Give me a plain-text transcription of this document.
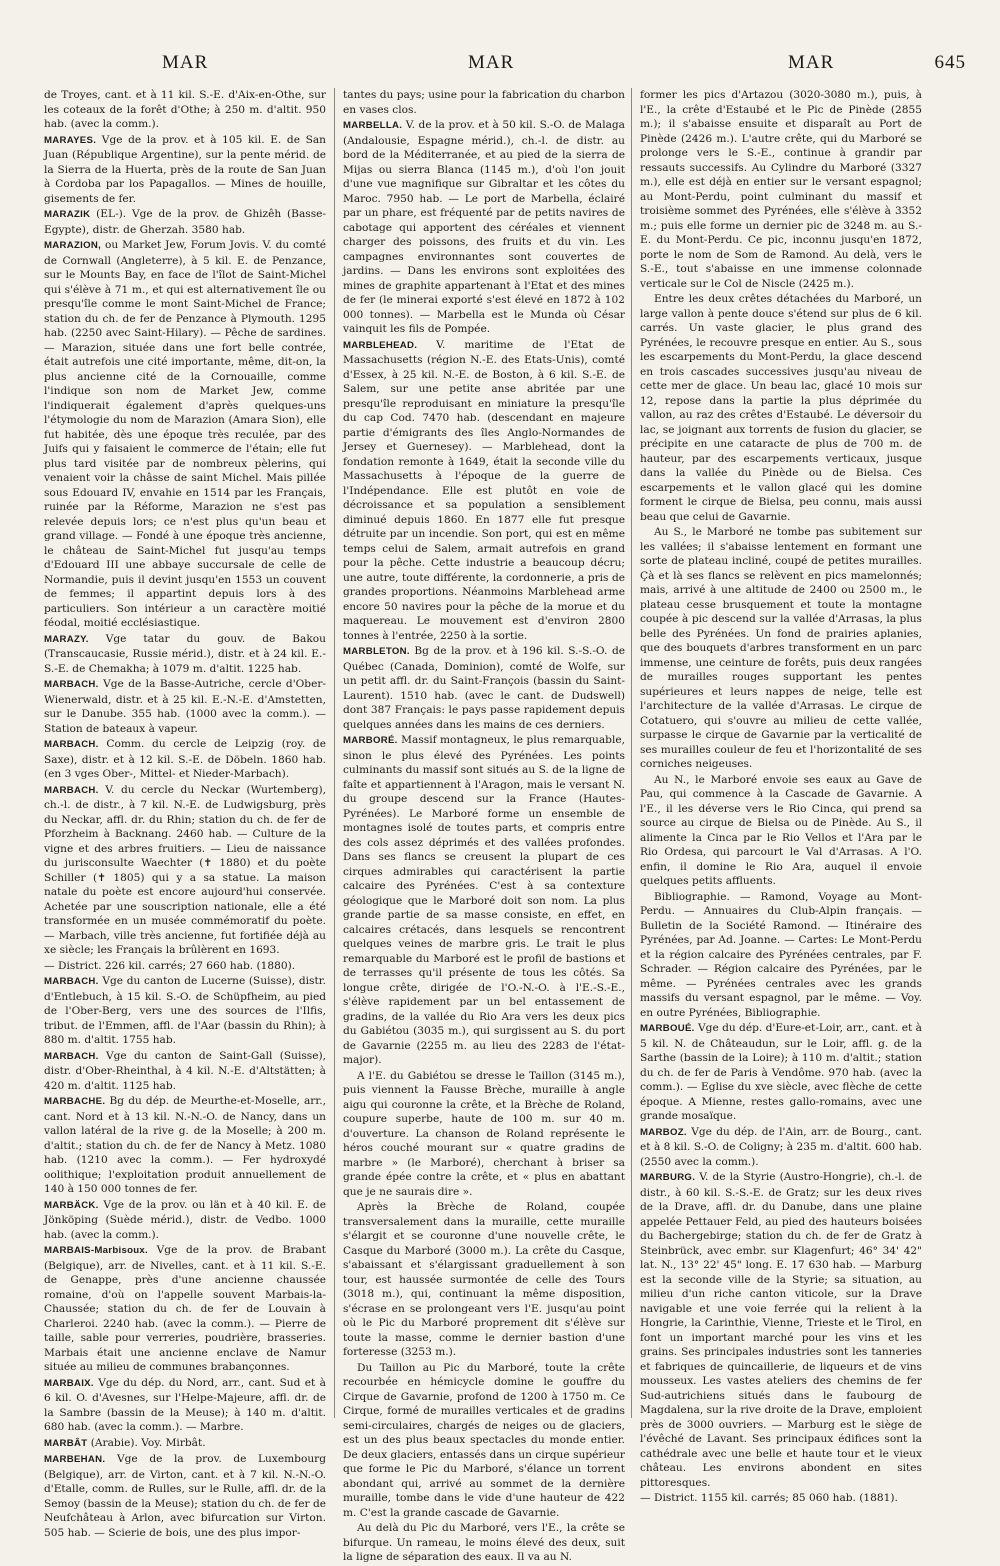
MAR	MAR	MAR	645

de Troyes, cant. et à 11 kil. S.-E. d'Aix-en-Othe, sur les coteaux de la forêt d'Othe; à 250 m. d'altit. 950 hab. (avec la comm.).

MARAYES. Vge de la prov. et à 105 kil. E. de San Juan (République Argentine), sur la pente mérid. de la Sierra de la Huerta, près de la route de San Juan à Cordoba par los Papagallos. — Mines de houille, gisements de fer.

MARAZIK (EL-). Vge de la prov. de Ghizêh (Basse-Egypte), distr. de Gherzah. 3580 hab.

MARAZION, ou Market Jew, Forum Jovis. V. du comté de Cornwall (Angleterre), à 5 kil. E. de Penzance, sur le Mounts Bay, en face de l'îlot de Saint-Michel qui s'élève à 71 m., et qui est alternativement île ou presqu'île comme le mont Saint-Michel de France; station du ch. de fer de Penzance à Plymouth. 1295 hab. (2250 avec Saint-Hilary). — Pêche de sardines. — Marazion, située dans une fort belle contrée, était autrefois une cité importante, même, dit-on, la plus ancienne cité de la Cornouaille, comme l'indique son nom de Market Jew, comme l'indiquerait également d'après quelques-uns l'étymologie du nom de Marazion (Amara Sion), elle fut habitée, dès une époque très reculée, par des Juifs qui y faisaient le commerce de l'étain; elle fut plus tard visitée par de nombreux pèlerins, qui venaient voir la châsse de saint Michel. Mais pillée sous Edouard IV, envahie en 1514 par les Français, ruinée par la Réforme, Marazion ne s'est pas relevée depuis lors; ce n'est plus qu'un beau et grand village. — Fondé à une époque très ancienne, le château de Saint-Michel fut jusqu'au temps d'Edouard III une abbaye succursale de celle de Normandie, puis il devint jusqu'en 1553 un couvent de femmes; il appartint depuis lors à des particuliers. Son intérieur a un caractère moitié féodal, moitié ecclésiastique.

MARAZY. Vge tatar du gouv. de Bakou (Transcaucasie, Russie mérid.), distr. et à 24 kil. E.-S.-E. de Chemakha; à 1079 m. d'altit. 1225 hab.

MARBACH. Vge de la Basse-Autriche, cercle d'Ober-Wienerwald, distr. et à 25 kil. E.-N.-E. d'Amstetten, sur le Danube. 355 hab. (1000 avec la comm.). — Station de bateaux à vapeur.

MARBACH. Comm. du cercle de Leipzig (roy. de Saxe), distr. et à 12 kil. S.-E. de Döbeln. 1860 hab. (en 3 vges Ober-, Mittel- et Nieder-Marbach).

MARBACH. V. du cercle du Neckar (Wurtemberg), ch.-l. de distr., à 7 kil. N.-E. de Ludwigsburg, près du Neckar, affl. dr. du Rhin; station du ch. de fer de Pforzheim à Backnang. 2460 hab. — Culture de la vigne et des arbres fruitiers. — Lieu de naissance du jurisconsulte Waechter (✝ 1880) et du poète Schiller (✝ 1805) qui y a sa statue. La maison natale du poète est encore aujourd'hui conservée. Achetée par une souscription nationale, elle a été transformée en un musée commémoratif du poète. — Marbach, ville très ancienne, fut fortifiée déjà au xe siècle; les Français la brûlèrent en 1693.

— District. 226 kil. carrés; 27 660 hab. (1880).

MARBACH. Vge du canton de Lucerne (Suisse), distr. d'Entlebuch, à 15 kil. S.-O. de Schüpfheim, au pied de l'Ober-Berg, vers une des sources de l'Ilfis, tribut. de l'Emmen, affl. de l'Aar (bassin du Rhin); à 880 m. d'altit. 1755 hab.

MARBACH. Vge du canton de Saint-Gall (Suisse), distr. d'Ober-Rheinthal, à 4 kil. N.-E. d'Altstätten; à 420 m. d'altit. 1125 hab.

MARBACHE. Bg du dép. de Meurthe-et-Moselle, arr., cant. Nord et à 13 kil. N.-N.-O. de Nancy, dans un vallon latéral de la rive g. de la Moselle; à 200 m. d'altit.; station du ch. de fer de Nancy à Metz. 1080 hab. (1210 avec la comm.). — Fer hydroxydé oolithique; l'exploitation produit annuellement de 140 à 150 000 tonnes de fer.

MARBÄCK. Vge de la prov. ou län et à 40 kil. E. de Jönköping (Suède mérid.), distr. de Vedbo. 1000 hab. (avec la comm.).

MARBAIS-Marbisoux. Vge de la prov. de Brabant (Belgique), arr. de Nivelles, cant. et à 11 kil. S.-E. de Genappe, près d'une ancienne chaussée romaine, d'où on l'appelle souvent Marbais-la-Chaussée; station du ch. de fer de Louvain à Charleroi. 2240 hab. (avec la comm.). — Pierre de taille, sable pour verreries, poudrière, brasseries. Marbais était une ancienne enclave de Namur située au milieu de communes brabançonnes.

MARBAIX. Vge du dép. du Nord, arr., cant. Sud et à 6 kil. O. d'Avesnes, sur l'Helpe-Majeure, affl. dr. de la Sambre (bassin de la Meuse); à 140 m. d'altit. 680 hab. (avec la comm.). — Marbre.

MARBÂT (Arabie). Voy. Mirbât.

MARBEHAN. Vge de la prov. de Luxembourg (Belgique), arr. de Virton, cant. et à 7 kil. N.-N.-O. d'Etalle, comm. de Rulles, sur le Rulle, affl. dr. de la Semoy (bassin de la Meuse); station du ch. de fer de Neufchâteau à Arlon, avec bifurcation sur Virton. 505 hab. — Scierie de bois, une des plus impor-

tantes du pays; usine pour la fabrication du charbon en vases clos.

MARBELLA. V. de la prov. et à 50 kil. S.-O. de Malaga (Andalousie, Espagne mérid.), ch.-l. de distr. au bord de la Méditerranée, et au pied de la sierra de Mijas ou sierra Blanca (1145 m.), d'où l'on jouit d'une vue magnifique sur Gibraltar et les côtes du Maroc. 7950 hab. — Le port de Marbella, éclairé par un phare, est fréquenté par de petits navires de cabotage qui apportent des céréales et viennent charger des poissons, des fruits et du vin. Les campagnes environnantes sont couvertes de jardins. — Dans les environs sont exploitées des mines de graphite appartenant à l'Etat et des mines de fer (le minerai exporté s'est élevé en 1872 à 102 000 tonnes). — Marbella est le Munda où César vainquit les fils de Pompée.

MARBLEHEAD. V. maritime de l'Etat de Massachusetts (région N.-E. des Etats-Unis), comté d'Essex, à 25 kil. N.-E. de Boston, à 6 kil. S.-E. de Salem, sur une petite anse abritée par une presqu'île reproduisant en miniature la presqu'île du cap Cod. 7470 hab. (descendant en majeure partie d'émigrants des îles Anglo-Normandes de Jersey et Guernesey). — Marblehead, dont la fondation remonte à 1649, était la seconde ville du Massachusetts à l'époque de la guerre de l'Indépendance. Elle est plutôt en voie de décroissance et sa population a sensiblement diminué depuis 1860. En 1877 elle fut presque détruite par un incendie. Son port, qui est en même temps celui de Salem, armait autrefois en grand pour la pêche. Cette industrie a beaucoup décru; une autre, toute différente, la cordonnerie, a pris de grandes proportions. Néanmoins Marblehead arme encore 50 navires pour la pêche de la morue et du maquereau. Le mouvement est d'environ 2800 tonnes à l'entrée, 2250 à la sortie.

MARBLETON. Bg de la prov. et à 196 kil. S.-S.-O. de Québec (Canada, Dominion), comté de Wolfe, sur un petit affl. dr. du Saint-François (bassin du Saint-Laurent). 1510 hab. (avec le cant. de Dudswell) dont 387 Français: le pays passe rapidement depuis quelques années dans les mains de ces derniers.

MARBORÉ. Massif montagneux, le plus remarquable, sinon le plus élevé des Pyrénées. Les points culminants du massif sont situés au S. de la ligne de faîte et appartiennent à l'Aragon, mais le versant N. du groupe descend sur la France (Hautes-Pyrénées). Le Marboré forme un ensemble de montagnes isolé de toutes parts, et compris entre des cols assez déprimés et des vallées profondes. Dans ses flancs se creusent la plupart de ces cirques admirables qui caractérisent la partie calcaire des Pyrénées. C'est à sa contexture géologique que le Marboré doit son nom. La plus grande partie de sa masse consiste, en effet, en calcaires crétacés, dans lesquels se rencontrent quelques veines de marbre gris. Le trait le plus remarquable du Marboré est le profil de bastions et de terrasses qu'il présente de tous les côtés. Sa longue crête, dirigée de l'O.-N.-O. à l'E.-S.-E., s'élève rapidement par un bel entassement de gradins, de la vallée du Rio Ara vers les deux pics du Gabiétou (3035 m.), qui surgissent au S. du port de Gavarnie (2255 m. au lieu des 2283 de l'état-major).

A l'E. du Gabiétou se dresse le Taillon (3145 m.), puis viennent la Fausse Brèche, muraille à angle aigu qui couronne la crête, et la Brèche de Roland, coupure superbe, haute de 100 m. sur 40 m. d'ouverture. La chanson de Roland représente le héros couché mourant sur « quatre gradins de marbre » (le Marboré), cherchant à briser sa grande épée contre la crête, et « plus en abattant que je ne saurais dire ».

Après la Brèche de Roland, coupée transversalement dans la muraille, cette muraille s'élargit et se couronne d'une nouvelle crête, le Casque du Marboré (3000 m.). La crête du Casque, s'abaissant et s'élargissant graduellement à son tour, est haussée surmontée de celle des Tours (3018 m.), qui, continuant la même disposition, s'écrase en se prolongeant vers l'E. jusqu'au point où le Pic du Marboré proprement dit s'élève sur toute la masse, comme le dernier bastion d'une forteresse (3253 m.).

Du Taillon au Pic du Marboré, toute la crête recourbée en hémicycle domine le gouffre du Cirque de Gavarnie, profond de 1200 à 1750 m. Ce Cirque, formé de murailles verticales et de gradins semi-circulaires, chargés de neiges ou de glaciers, est un des plus beaux spectacles du monde entier. De deux glaciers, entassés dans un cirque supérieur que forme le Pic du Marboré, s'élance un torrent abondant qui, arrivé au sommet de la dernière muraille, tombe dans le vide d'une hauteur de 422 m. C'est la grande cascade de Gavarnie.

Au delà du Pic du Marboré, vers l'E., la crête se bifurque. Un rameau, le moins élevé des deux, suit la ligne de séparation des eaux. Il va au N.

former les pics d'Artazou (3020-3080 m.), puis, à l'E., la crête d'Estaubé et le Pic de Pinède (2855 m.); il s'abaisse ensuite et disparaît au Port de Pinède (2426 m.). L'autre crête, qui du Marboré se prolonge vers le S.-E., continue à grandir par ressauts successifs. Au Cylindre du Marboré (3327 m.), elle est déjà en entier sur le versant espagnol; au Mont-Perdu, point culminant du massif et troisième sommet des Pyrénées, elle s'élève à 3352 m.; puis elle forme un dernier pic de 3248 m. au S.-E. du Mont-Perdu. Ce pic, inconnu jusqu'en 1872, porte le nom de Som de Ramond. Au delà, vers le S.-E., tout s'abaisse en une immense colonnade verticale sur le Col de Niscle (2425 m.).

Entre les deux crêtes détachées du Marboré, un large vallon à pente douce s'étend sur plus de 6 kil. carrés. Un vaste glacier, le plus grand des Pyrénées, le recouvre presque en entier. Au S., sous les escarpements du Mont-Perdu, la glace descend en trois cascades successives jusqu'au niveau de cette mer de glace. Un beau lac, glacé 10 mois sur 12, repose dans la partie la plus déprimée du vallon, au raz des crêtes d'Estaubé. Le déversoir du lac, se joignant aux torrents de fusion du glacier, se précipite en une cataracte de plus de 700 m. de hauteur, par des escarpements verticaux, jusque dans la vallée du Pinède ou de Bielsa. Ces escarpements et le vallon glacé qui les domine forment le cirque de Bielsa, peu connu, mais aussi beau que celui de Gavarnie.

Au S., le Marboré ne tombe pas subitement sur les vallées; il s'abaisse lentement en formant une sorte de plateau incliné, coupé de petites murailles. Çà et là ses flancs se relèvent en pics mamelonnés; mais, arrivé à une altitude de 2400 ou 2500 m., le plateau cesse brusquement et toute la montagne coupée à pic descend sur la vallée d'Arrasas, la plus belle des Pyrénées. Un fond de prairies aplanies, que des bouquets d'arbres transforment en un parc immense, une ceinture de forêts, puis deux rangées de murailles rouges supportant les pentes supérieures et leurs nappes de neige, telle est l'architecture de la vallée d'Arrasas. Le cirque de Cotatuero, qui s'ouvre au milieu de cette vallée, surpasse le cirque de Gavarnie par la verticalité de ses murailles couleur de feu et l'horizontalité de ses corniches neigeuses.

Au N., le Marboré envoie ses eaux au Gave de Pau, qui commence à la Cascade de Gavarnie. A l'E., il les déverse vers le Rio Cinca, qui prend sa source au cirque de Bielsa ou de Pinède. Au S., il alimente la Cinca par le Rio Vellos et l'Ara par le Rio Ordesa, qui parcourt le Val d'Arrasas. A l'O. enfin, il domine le Rio Ara, auquel il envoie quelques petits affluents.

Bibliographie. — Ramond, Voyage au Mont-Perdu. — Annuaires du Club-Alpin français. — Bulletin de la Société Ramond. — Itinéraire des Pyrénées, par Ad. Joanne. — Cartes: Le Mont-Perdu et la région calcaire des Pyrénées centrales, par F. Schrader. — Région calcaire des Pyrénées, par le même. — Pyrénées centrales avec les grands massifs du versant espagnol, par le même. — Voy. en outre Pyrénées, Bibliographie.

MARBOUÉ. Vge du dép. d'Eure-et-Loir, arr., cant. et à 5 kil. N. de Châteaudun, sur le Loir, affl. g. de la Sarthe (bassin de la Loire); à 110 m. d'altit.; station du ch. de fer de Paris à Vendôme. 970 hab. (avec la comm.). — Eglise du xve siècle, avec flèche de cette époque. A Mienne, restes gallo-romains, avec une grande mosaïque.

MARBOZ. Vge du dép. de l'Ain, arr. de Bourg., cant. et à 8 kil. S.-O. de Coligny; à 235 m. d'altit. 600 hab. (2550 avec la comm.).

MARBURG. V. de la Styrie (Austro-Hongrie), ch.-l. de distr., à 60 kil. S.-S.-E. de Gratz; sur les deux rives de la Drave, affl. dr. du Danube, dans une plaine appelée Pettauer Feld, au pied des hauteurs boisées du Bachergebirge; station du ch. de fer de Gratz à Steinbrück, avec embr. sur Klagenfurt; 46° 34' 42" lat. N., 13° 22' 45" long. E. 17 630 hab. — Marburg est la seconde ville de la Styrie; sa situation, au milieu d'un riche canton viticole, sur la Drave navigable et une voie ferrée qui la relient à la Hongrie, la Carinthie, Vienne, Trieste et le Tirol, en font un important marché pour les vins et les grains. Ses principales industries sont les tanneries et fabriques de quincaillerie, de liqueurs et de vins mousseux. Les vastes ateliers des chemins de fer Sud-autrichiens situés dans le faubourg de Magdalena, sur la rive droite de la Drave, emploient près de 3000 ouvriers. — Marburg est le siège de l'évêché de Lavant. Ses principaux édifices sont la cathédrale avec une belle et haute tour et le vieux château. Les environs abondent en sites pittoresques.

— District. 1155 kil. carrés; 85 060 hab. (1881).
